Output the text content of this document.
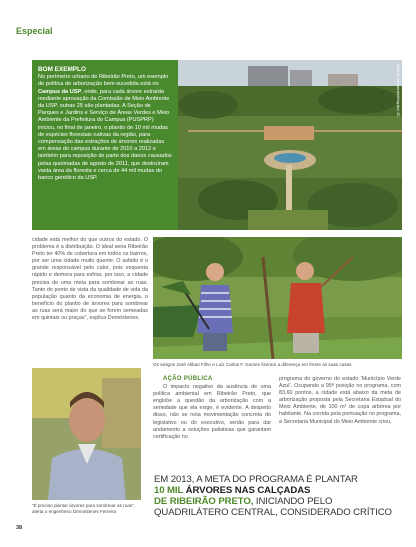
Especial
BOM EXEMPLO

No perímetro urbano de Ribeirão Preto, um exemplo de política de arborização bem-sucedida está no Campus da USP, onde, para cada árvore extraída mediante aprovação da Comissão de Meio Ambiente da USP, outras 25 são plantadas. A Seção de Parques e Jardins e Serviço de Áreas Verdes e Meio Ambiente da Prefeitura do Campus (PUSPRP) iniciou, no final de janeiro, o plantio de 10 mil mudas de espécies florestais nativas da região, para compensação das extrações de árvores realizadas em áreas do campus durante de 2010 a 2012 e também para reposição de parte dos danos causados pelas queimadas de agosto de 2011, que destruíram vasta área da floresta e cerca de 44 mil mudas do banco genético da USP.

Marcos Alexandre/Arquivo JC

cidade está melhor do que outros do estado. O problema é a distribuição. O ideal seria Ribeirão Preto ter 40% de cobertura em todos os bairros, por ser uma cidade muito quente. O asfalto é o grande responsável pelo calor, pois esquenta rápido e demora para esfriar, por isso, a cidade precisa de uma meta para sombrear as ruas. Tanto do ponto de vista da qualidade de vida da população quanto da economia de energia, o benefício do plantio de árvores para sombrear as ruas será maior do que se forem semeadas em quintais ou praças”, explica Demóstenes.

Os amigos José Alibari Filho e Luiz Carlos F. Gomes fizeram a diferença em frente às suas casas
“É preciso plantar árvores para sombrear as ruas”, alerta o engenheiro Demóstenes Ferreira
AÇÃO PÚBLICA

O impacto negativo da ausência de uma política ambiental em Ribeirão Preto, que englobe a questão da arborização com a seriedade que ela exige, é evidente. A despeito disso, não se nota movimentação concreta do legislativo ou do executivo, senão para dar andamento a soluções paliativas que garantam certificação no

programa do governo do estado ‘Município Verde Azul’. Ocupando a 95ª posição no programa, com 83,60 pontos, a cidade está abaixo da meta de arborização proposta pela Secretaria Estadual do Meio Ambiente, de 100 m² de copa arbórea por habitante. Na corrida pela pontuação no programa, a Secretaria Municipal do Meio Ambiente criou,

EM 2013, A META DO PROGRAMA É PLANTAR
10 MIL ÁRVORES NAS CALÇADAS
DE RIBEIRÃO PRETO, INICIANDO PELO
QUADRILÁTERO CENTRAL, CONSIDERADO CRÍTICO
38
